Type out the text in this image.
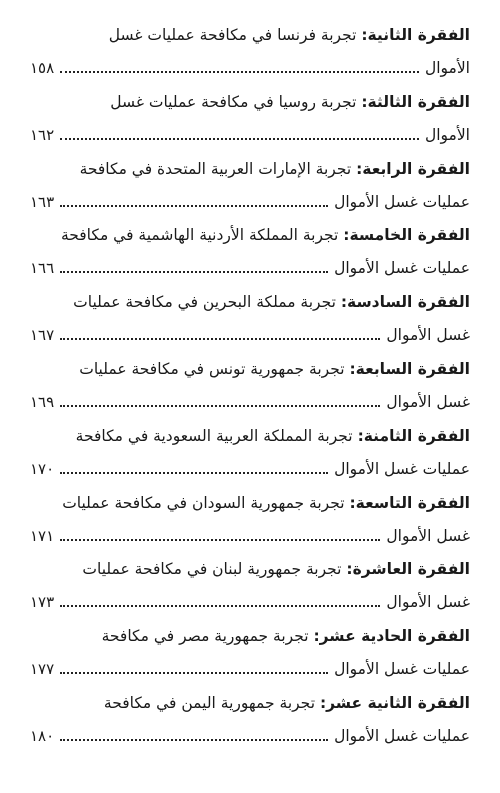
الفقرة الثانية: تجربة فرنسا في مكافحة عمليات غسل
الأموال
١٥٨
الفقرة الثالثة: تجربة روسيا في مكافحة عمليات غسل
الأموال
١٦٢
الفقرة الرابعة: تجربة الإمارات العربية المتحدة في مكافحة
عمليات غسل الأموال
١٦٣
الفقرة الخامسة: تجربة المملكة الأردنية الهاشمية في مكافحة
عمليات غسل الأموال
١٦٦
الفقرة السادسة: تجربة مملكة البحرين في مكافحة عمليات
غسل الأموال
١٦٧
الفقرة السابعة: تجربة جمهورية تونس في مكافحة عمليات
غسل الأموال
١٦٩
الفقرة الثامنة: تجربة المملكة العربية السعودية في مكافحة
عمليات غسل الأموال
١٧٠
الفقرة التاسعة: تجربة جمهورية السودان في مكافحة عمليات
غسل الأموال
١٧١
الفقرة العاشرة: تجربة جمهورية لبنان في مكافحة عمليات
غسل الأموال
١٧٣
الفقرة الحادية عشر: تجربة جمهورية مصر في مكافحة
عمليات غسل الأموال
١٧٧
الفقرة الثانية عشر: تجربة جمهورية اليمن في مكافحة
عمليات غسل الأموال
١٨٠
